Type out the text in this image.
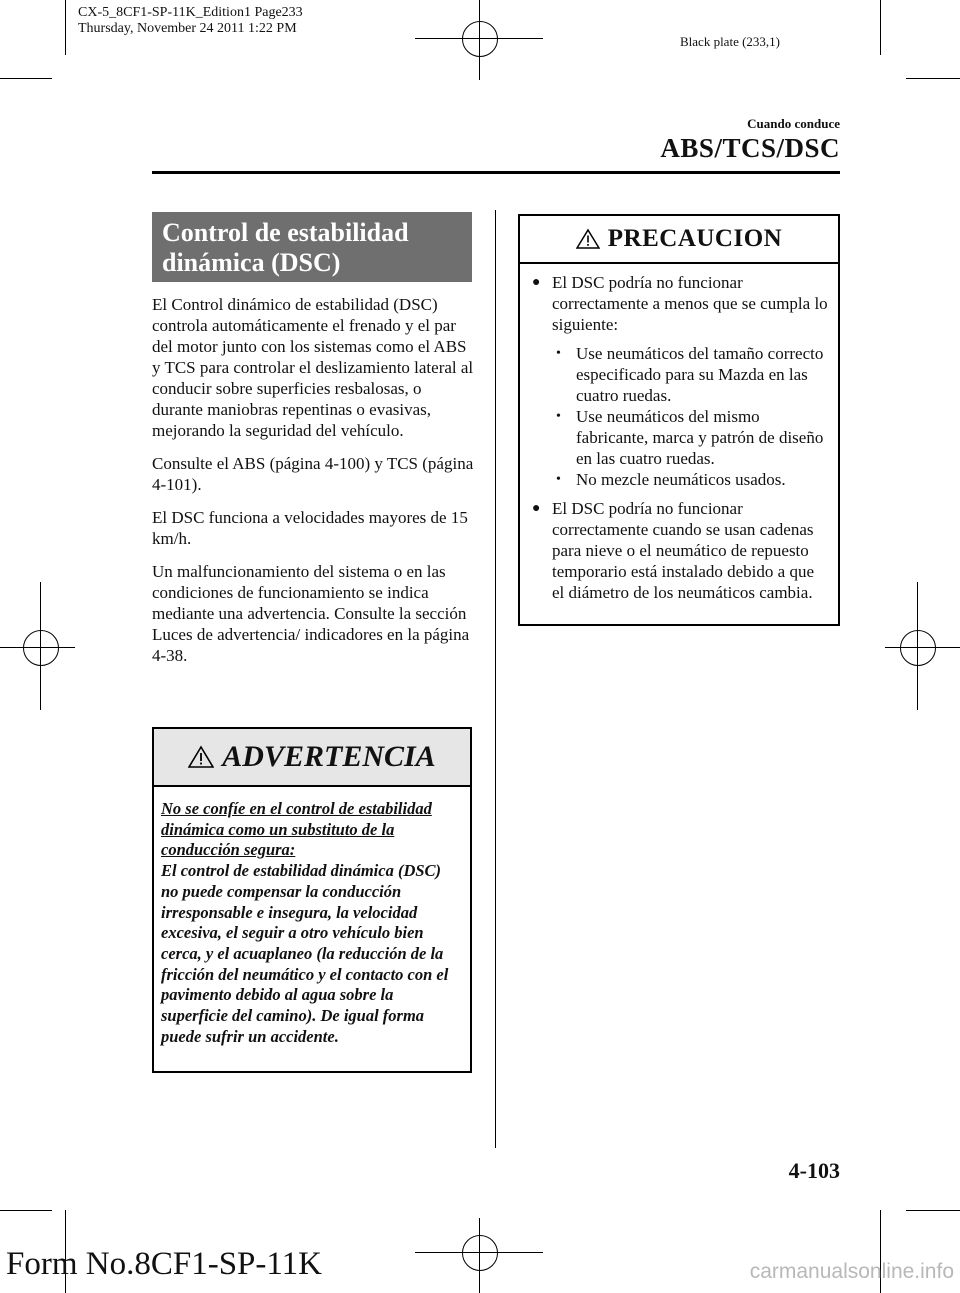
CX-5_8CF1-SP-11K_Edition1 Page233
Thursday, November 24 2011 1:22 PM
Black plate (233,1)
Cuando conduce
ABS/TCS/DSC
Control de estabilidad
dinámica (DSC)

El Control dinámico de estabilidad (DSC) controla automáticamente el frenado y el par del motor junto con los sistemas como el ABS y TCS para controlar el deslizamiento lateral al conducir sobre superficies resbalosas, o durante maniobras repentinas o evasivas, mejorando la seguridad del vehículo.

Consulte el ABS (página 4-100) y TCS (página 4-101).

El DSC funciona a velocidades mayores de 15 km/h.

Un malfuncionamiento del sistema o en las condiciones de funcionamiento se indica mediante una advertencia. Consulte la sección Luces de advertencia/ indicadores en la página 4-38.

ADVERTENCIA
No se confíe en el control de estabilidad dinámica como un substituto de la conducción segura:
El control de estabilidad dinámica (DSC) no puede compensar la conducción irresponsable e insegura, la velocidad excesiva, el seguir a otro vehículo bien cerca, y el acuaplaneo (la reducción de la fricción del neumático y el contacto con el pavimento debido al agua sobre la superficie del camino). De igual forma puede sufrir un accidente.
PRECAUCION
● El DSC podría no funcionar correctamente a menos que se cumpla lo siguiente:
• Use neumáticos del tamaño correcto especificado para su Mazda en las cuatro ruedas.
• Use neumáticos del mismo fabricante, marca y patrón de diseño en las cuatro ruedas.
• No mezcle neumáticos usados.
● El DSC podría no funcionar correctamente cuando se usan cadenas para nieve o el neumático de repuesto temporario está instalado debido a que el diámetro de los neumáticos cambia.
4-103
Form No.8CF1-SP-11K	carmanualsonline.info
